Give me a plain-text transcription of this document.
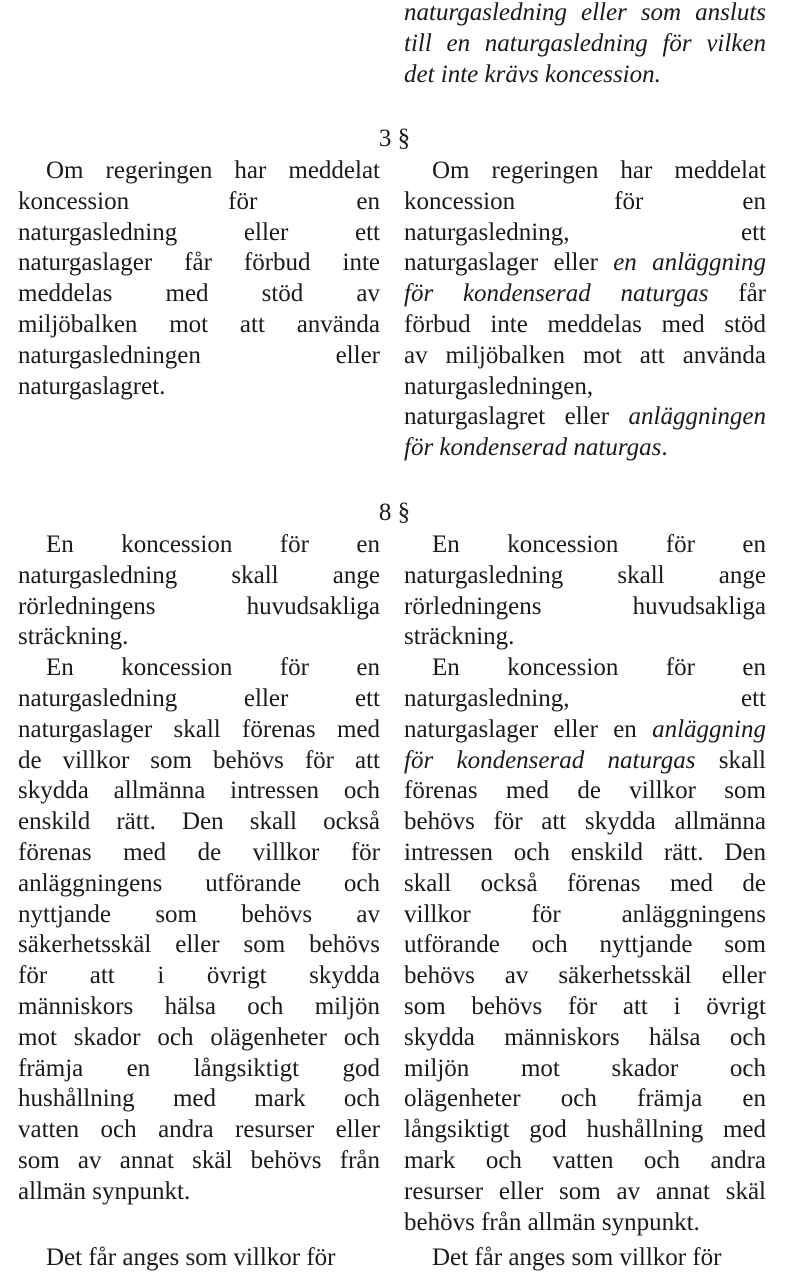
naturgasledning eller som ansluts
till en naturgasledning för vilken
det inte krävs koncession.
3 §
Om regeringen har meddelat
koncession för en
naturgasledning eller ett
naturgaslager får förbud inte
meddelas med stöd av
miljöbalken mot att använda
naturgasledningen eller
naturgaslagret.
Om regeringen har meddelat
koncession för en
naturgasledning, ett
naturgaslager eller en anläggning
för kondenserad naturgas får
förbud inte meddelas med stöd
av miljöbalken mot att använda
naturgasledningen,
naturgaslagret eller anläggningen
för kondenserad naturgas.
8 §
En koncession för en
naturgasledning skall ange
rörledningens huvudsakliga
sträckning.
En koncession för en
naturgasledning eller ett
naturgaslager skall förenas med
de villkor som behövs för att
skydda allmänna intressen och
enskild rätt. Den skall också
förenas med de villkor för
anläggningens utförande och
nyttjande som behövs av
säkerhetsskäl eller som behövs
för att i övrigt skydda
människors hälsa och miljön
mot skador och olägenheter och
främja en långsiktigt god
hushållning med mark och
vatten och andra resurser eller
som av annat skäl behövs från
allmän synpunkt.
Det får anges som villkor för
En koncession för en
naturgasledning skall ange
rörledningens huvudsakliga
sträckning.
En koncession för en
naturgasledning, ett
naturgaslager eller en anläggning
för kondenserad naturgas skall
förenas med de villkor som
behövs för att skydda allmänna
intressen och enskild rätt. Den
skall också förenas med de
villkor för anläggningens
utförande och nyttjande som
behövs av säkerhetsskäl eller
som behövs för att i övrigt
skydda människors hälsa och
miljön mot skador och
olägenheter och främja en
långsiktigt god hushållning med
mark och vatten och andra
resurser eller som av annat skäl
behövs från allmän synpunkt.
Det får anges som villkor för
